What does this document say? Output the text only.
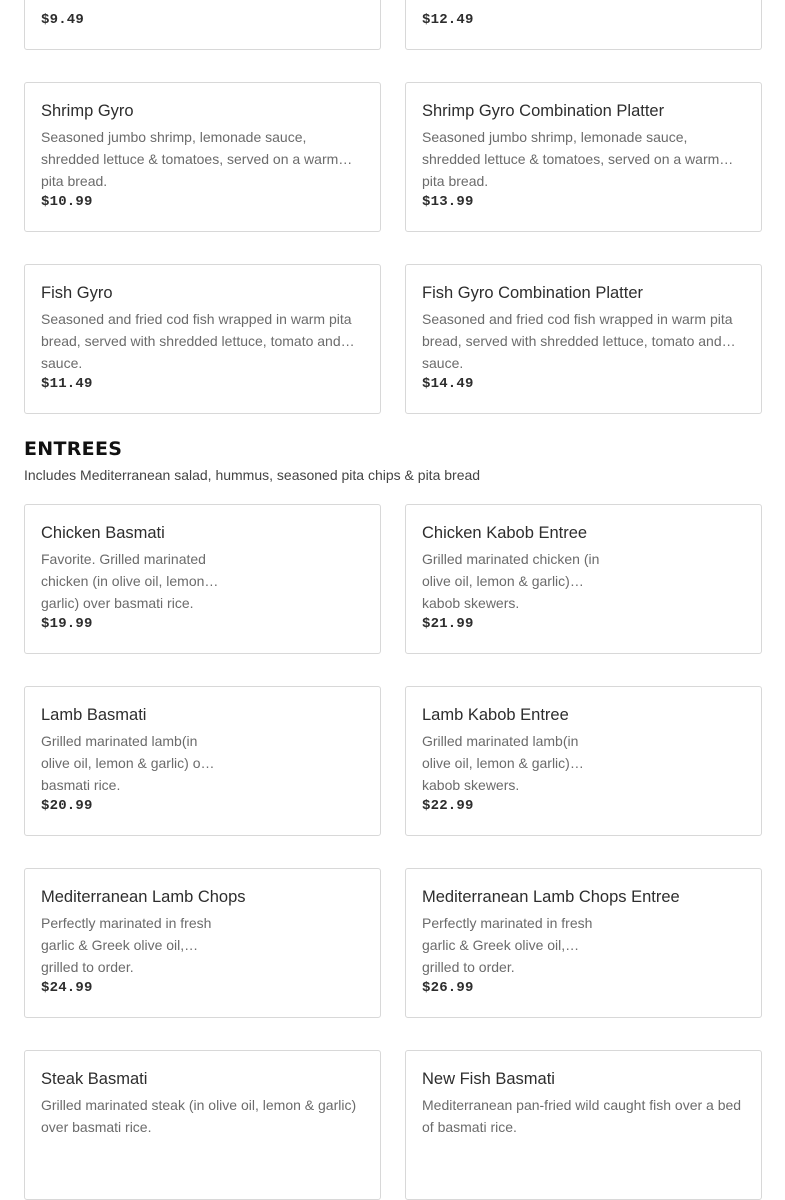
$9.49	$12.49
Shrimp Gyro
Seasoned jumbo shrimp, lemonade sauce, shredded lettuce & tomatoes, served on a warm pita bread.
$10.99
Shrimp Gyro Combination Platter
Seasoned jumbo shrimp, lemonade sauce, shredded lettuce & tomatoes, served on a warm pita bread.
$13.99
Fish Gyro
Seasoned and fried cod fish wrapped in warm pita bread, served with shredded lettuce, tomato and sauce.
$11.49
Fish Gyro Combination Platter
Seasoned and fried cod fish wrapped in warm pita bread, served with shredded lettuce, tomato and sauce.
$14.49
ENTREES
Includes Mediterranean salad, hummus, seasoned pita chips & pita bread
Chicken Basmati
Favorite. Grilled marinated chicken (in olive oil, lemon & garlic) over basmati rice.
$19.99
Chicken Kabob Entree
Grilled marinated chicken (in olive oil, lemon & garlic) kabob skewers.
$21.99
Lamb Basmati
Grilled marinated lamb(in olive oil, lemon & garlic) over basmati rice.
$20.99
Lamb Kabob Entree
Grilled marinated lamb(in olive oil, lemon & garlic) kabob skewers.
$22.99
Mediterranean Lamb Chops
Perfectly marinated in fresh garlic & Greek olive oil, grilled to order.
$24.99
Mediterranean Lamb Chops Entree
Perfectly marinated in fresh garlic & Greek olive oil, grilled to order.
$26.99
Steak Basmati
Grilled marinated steak (in olive oil, lemon & garlic) over basmati rice.
New Fish Basmati
Mediterranean pan-fried wild caught fish over a bed of basmati rice.
